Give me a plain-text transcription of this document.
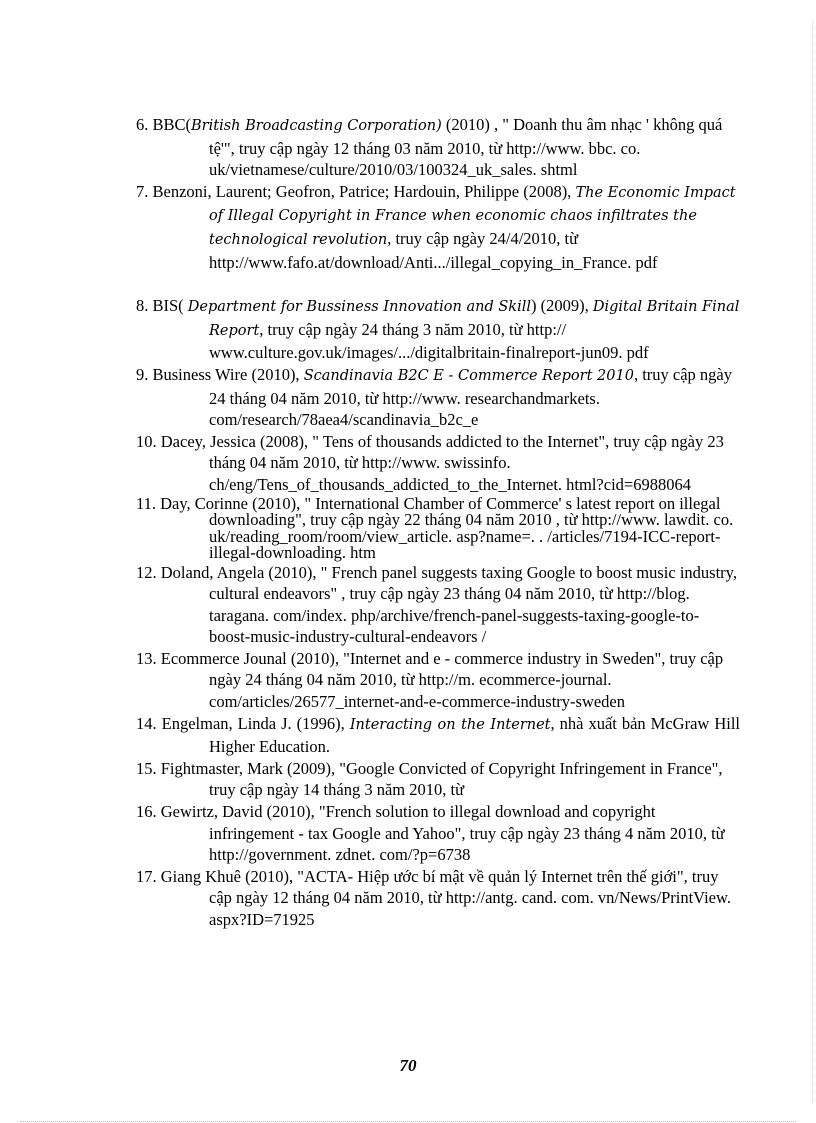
6. BBC(British Broadcasting Corporation) (2010) , " Doanh thu âm nhạc ' không quá tệ'", truy cập ngày 12 tháng 03 năm 2010, từ http://www. bbc. co. uk/vietnamese/culture/2010/03/100324_uk_sales. shtml

7. Benzoni, Laurent; Geofron, Patrice; Hardouin, Philippe (2008), The Economic Impact of Illegal Copyright in France when economic chaos infiltrates the technological revolution, truy cập ngày 24/4/2010, từ http://www.fafo.at/download/Anti.../illegal_copying_in_France. pdf

8. BIS( Department for Bussiness Innovation and Skill) (2009), Digital Britain Final Report, truy cập ngày 24 tháng 3 năm 2010, từ http:// www.culture.gov.uk/images/.../digitalbritain-finalreport-jun09. pdf

9. Business Wire (2010), Scandinavia B2C E - Commerce Report 2010, truy cập ngày 24 tháng 04 năm 2010, từ http://www. researchandmarkets. com/research/78aea4/scandinavia_b2c_e

10. Dacey, Jessica (2008), " Tens of thousands addicted to the Internet", truy cập ngày 23 tháng 04 năm 2010, từ http://www. swissinfo. ch/eng/Tens_of_thousands_addicted_to_the_Internet. html?cid=6988064

11. Day, Corinne (2010), " International Chamber of Commerce' s latest report on illegal downloading", truy cập ngày 22 tháng 04 năm 2010 , từ http://www. lawdit. co. uk/reading_room/room/view_article. asp?name=. . /articles/7194-ICC-report-illegal-downloading. htm

12. Doland, Angela (2010), " French panel suggests taxing Google to boost music industry, cultural endeavors" , truy cập ngày 23 tháng 04 năm 2010, từ http://blog. taragana. com/index. php/archive/french-panel-suggests-taxing-google-to-boost-music-industry-cultural-endeavors /

13. Ecommerce Jounal (2010), "Internet and e - commerce industry in Sweden", truy cập ngày 24 tháng 04 năm 2010, từ http://m. ecommerce-journal. com/articles/26577_internet-and-e-commerce-industry-sweden

14. Engelman, Linda J. (1996), Interacting on the Internet, nhà xuất bản McGraw Hill Higher Education.

15. Fightmaster, Mark (2009), "Google Convicted of Copyright Infringement in France", truy cập ngày 14 tháng 3 năm 2010, từ

16. Gewirtz, David (2010), "French solution to illegal download and copyright infringement - tax Google and Yahoo", truy cập ngày 23 tháng 4 năm 2010, từ http://government. zdnet. com/?p=6738

17. Giang Khuê (2010), "ACTA- Hiệp ước bí mật về quản lý Internet trên thế giới", truy cập ngày 12 tháng 04 năm 2010, từ http://antg. cand. com. vn/News/PrintView. aspx?ID=71925

70
